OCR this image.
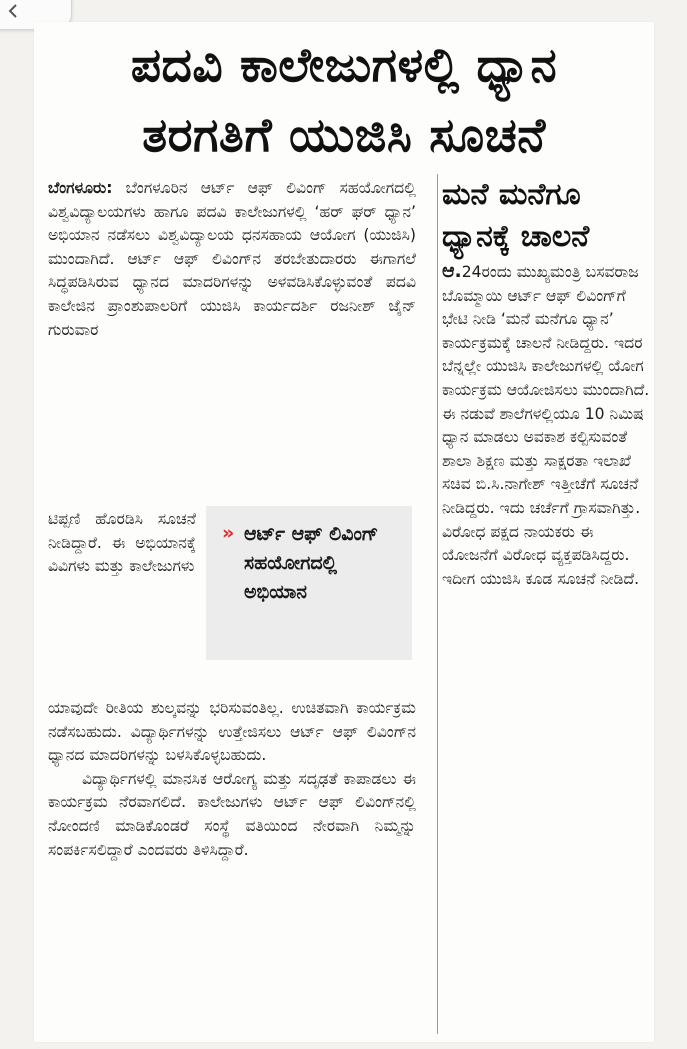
ಪದವಿ ಕಾಲೇಜುಗಳಲ್ಲಿ ಧ್ಯಾನ
ತರಗತಿಗೆ ಯುಜಿಸಿ ಸೂಚನೆ

ಬೆಂಗಳೂರು: ಬೆಂಗಳೂರಿನ ಆರ್ಟ್ ಆಫ್ ಲಿವಿಂಗ್ ಸಹಯೋಗದಲ್ಲಿ ವಿಶ್ವವಿದ್ಯಾಲಯಗಳು ಹಾಗೂ ಪದವಿ ಕಾಲೇಜುಗಳಲ್ಲಿ ‘ಹರ್ ಘರ್ ಧ್ಯಾನ’ ಅಭಿಯಾನ ನಡೆಸಲು ವಿಶ್ವವಿದ್ಯಾಲಯ ಧನಸಹಾಯ ಆಯೋಗ (ಯುಜಿಸಿ) ಮುಂದಾಗಿದೆ. ಆರ್ಟ್ ಆಫ್ ಲಿವಿಂಗ್‌ನ ತರಬೇತುದಾರರು ಈಗಾಗಲೆ ಸಿದ್ಧಪಡಿಸಿರುವ ಧ್ಯಾನದ ಮಾದರಿಗಳನ್ನು ಅಳವಡಿಸಿಕೊಳ್ಳುವಂತೆ ಪದವಿ ಕಾಲೇಜಿನ ಪ್ರಾಂಶುಪಾಲರಿಗೆ ಯುಜಿಸಿ ಕಾರ್ಯದರ್ಶಿ ರಜನೀಶ್ ಜೈನ್ ಗುರುವಾರ

ಟಿಪ್ಪಣಿ ಹೊರಡಿಸಿ ಸೂಚನೆ ನೀಡಿದ್ದಾರೆ. ಈ ಅಭಿಯಾನಕ್ಕೆ ವಿವಿಗಳು ಮತ್ತು ಕಾಲೇಜುಗಳು

» ಆರ್ಟ್ ಆಫ್ ಲಿವಿಂಗ್ ಸಹಯೋಗದಲ್ಲಿ ಅಭಿಯಾನ

ಯಾವುದೇ ರೀತಿಯ ಶುಲ್ಕವನ್ನು ಭರಿಸುವಂತಿಲ್ಲ. ಉಚಿತವಾಗಿ ಕಾರ್ಯಕ್ರಮ ನಡೆಸಬಹುದು. ವಿದ್ಯಾರ್ಥಿಗಳನ್ನು ಉತ್ತೇಜಿಸಲು ಆರ್ಟ್ ಆಫ್ ಲಿವಿಂಗ್‌ನ ಧ್ಯಾನದ ಮಾದರಿಗಳನ್ನು ಬಳಸಿಕೊಳ್ಳಬಹುದು.

ವಿದ್ಯಾರ್ಥಿಗಳಲ್ಲಿ ಮಾನಸಿಕ ಆರೋಗ್ಯ ಮತ್ತು ಸದೃಢತೆ ಕಾಪಾಡಲು ಈ ಕಾರ್ಯಕ್ರಮ ನೆರವಾಗಲಿದೆ. ಕಾಲೇಜುಗಳು ಆರ್ಟ್ ಆಫ್ ಲಿವಿಂಗ್‌ನಲ್ಲಿ ನೋಂದಣಿ ಮಾಡಿಕೊಂಡರೆ ಸಂಸ್ಥೆ ವತಿಯಿಂದ ನೇರವಾಗಿ ನಿಮ್ಮನ್ನು ಸಂಪರ್ಕಿಸಲಿದ್ದಾರೆ ಎಂದವರು ತಿಳಿಸಿದ್ದಾರೆ.

ಮನೆ ಮನೆಗೂ ಧ್ಯಾನಕ್ಕೆ ಚಾಲನೆ

ಆ.24ರಂದು ಮುಖ್ಯಮಂತ್ರಿ ಬಸವರಾಜ ಬೊಮ್ಮಾಯಿ ಆರ್ಟ್ ಆಫ್ ಲಿವಿಂಗ್‌ಗೆ ಭೇಟಿ ನೀಡಿ ‘ಮನೆ ಮನೆಗೂ ಧ್ಯಾನ’ ಕಾರ್ಯಕ್ರಮಕ್ಕೆ ಚಾಲನೆ ನೀಡಿದ್ದರು. ಇದರ ಬೆನ್ನಲ್ಲೇ ಯುಜಿಸಿ ಕಾಲೇಜುಗಳಲ್ಲಿ ಯೋಗ ಕಾರ್ಯಕ್ರಮ ಆಯೋಜಿಸಲು ಮುಂದಾಗಿದೆ. ಈ ನಡುವೆ ಶಾಲೆಗಳಲ್ಲಿಯೂ 10 ನಿಮಿಷ ಧ್ಯಾನ ಮಾಡಲು ಅವಕಾಶ ಕಲ್ಪಿಸುವಂತೆ ಶಾಲಾ ಶಿಕ್ಷಣ ಮತ್ತು ಸಾಕ್ಷರತಾ ಇಲಾಖೆ ಸಚಿವ ಬಿ.ಸಿ.ನಾಗೇಶ್ ಇತ್ತೀಚೆಗೆ ಸೂಚನೆ ನೀಡಿದ್ದರು. ಇದು ಚರ್ಚೆಗೆ ಗ್ರಾಸವಾಗಿತ್ತು. ವಿರೋಧ ಪಕ್ಷದ ನಾಯಕರು ಈ ಯೋಜನೆಗೆ ವಿರೋಧ ವ್ಯಕ್ತಪಡಿಸಿದ್ದರು. ಇದೀಗ ಯುಜಿಸಿ ಕೂಡ ಸೂಚನೆ ನೀಡಿದೆ.
